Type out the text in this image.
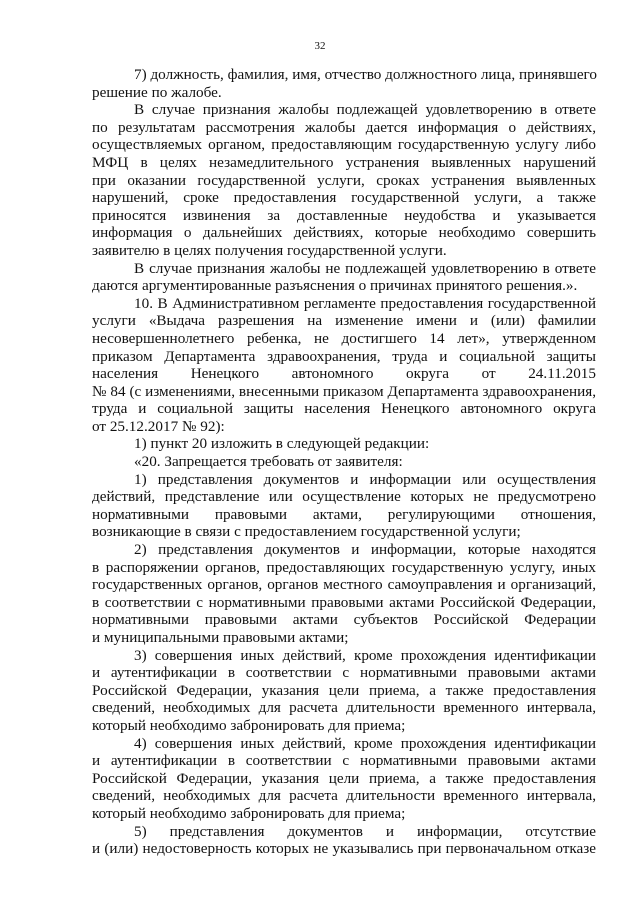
32
7) должность, фамилия, имя, отчество должностного лица, принявшего
решение по жалобе.
В случае признания жалобы подлежащей удовлетворению в ответе
по результатам рассмотрения жалобы дается информация о действиях,
осуществляемых органом, предоставляющим государственную услугу либо
МФЦ в целях незамедлительного устранения выявленных нарушений
при оказании государственной услуги, сроках устранения выявленных
нарушений, сроке предоставления государственной услуги, а также
приносятся извинения за доставленные неудобства и указывается
информация о дальнейших действиях, которые необходимо совершить
заявителю в целях получения государственной услуги.
В случае признания жалобы не подлежащей удовлетворению в ответе
даются аргументированные разъяснения о причинах принятого решения.».
10. В Административном регламенте предоставления государственной
услуги «Выдача разрешения на изменение имени и (или) фамилии
несовершеннолетнего ребенка, не достигшего 14 лет», утвержденном
приказом Департамента здравоохранения, труда и социальной защиты
населения Ненецкого автономного округа от 24.11.2015
№ 84 (с изменениями, внесенными приказом Департамента здравоохранения,
труда и социальной защиты населения Ненецкого автономного округа
от 25.12.2017 № 92):
1) пункт 20 изложить в следующей редакции:
«20. Запрещается требовать от заявителя:
1) представления документов и информации или осуществления
действий, представление или осуществление которых не предусмотрено
нормативными правовыми актами, регулирующими отношения,
возникающие в связи с предоставлением государственной услуги;
2) представления документов и информации, которые находятся
в распоряжении органов, предоставляющих государственную услугу, иных
государственных органов, органов местного самоуправления и организаций,
в соответствии с нормативными правовыми актами Российской Федерации,
нормативными правовыми актами субъектов Российской Федерации
и муниципальными правовыми актами;
3) совершения иных действий, кроме прохождения идентификации
и аутентификации в соответствии с нормативными правовыми актами
Российской Федерации, указания цели приема, а также предоставления
сведений, необходимых для расчета длительности временного интервала,
который необходимо забронировать для приема;
4) совершения иных действий, кроме прохождения идентификации
и аутентификации в соответствии с нормативными правовыми актами
Российской Федерации, указания цели приема, а также предоставления
сведений, необходимых для расчета длительности временного интервала,
который необходимо забронировать для приема;
5) представления документов и информации, отсутствие
и (или) недостоверность которых не указывались при первоначальном отказе
